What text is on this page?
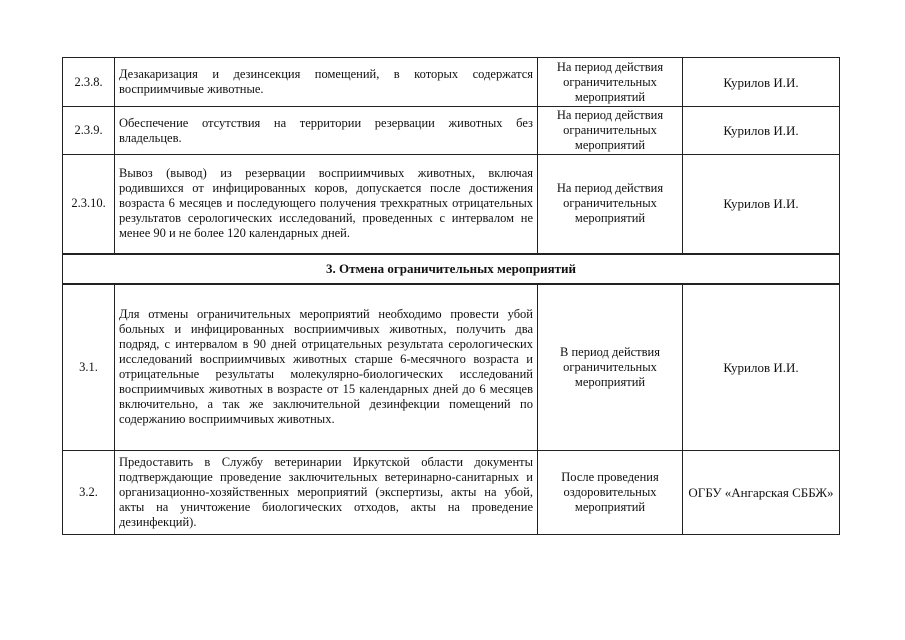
2.3.8.	Дезакаризация и дезинсекция помещений, в которых содержатся восприимчивые животные.	На период действия ограничительных мероприятий	Курилов И.И.
2.3.9.	Обеспечение отсутствия на территории резервации животных без владельцев.	На период действия ограничительных мероприятий	Курилов И.И.
2.3.10.	Вывоз (вывод) из резервации восприимчивых животных, включая родившихся от инфицированных коров, допускается после достижения возраста 6 месяцев и последующего получения трехкратных отрицательных результатов серологических исследований, проведенных с интервалом не менее 90 и не более 120 календарных дней.	На период действия ограничительных мероприятий	Курилов И.И.
3. Отмена ограничительных мероприятий			
3.1.	Для отмены ограничительных мероприятий необходимо провести убой больных и инфицированных восприимчивых животных, получить два подряд, с интервалом в 90 дней отрицательных результата серологических исследований восприимчивых животных старше 6-месячного возраста и отрицательные результаты молекулярно-биологических исследований восприимчивых животных в возрасте от 15 календарных дней до 6 месяцев включительно, а так же заключительной дезинфекции помещений по содержанию восприимчивых животных.	В период действия ограничительных мероприятий	Курилов И.И.
3.2.	Предоставить в Службу ветеринарии Иркутской области документы подтверждающие проведение заключительных ветеринарно-санитарных и организационно-хозяйственных мероприятий (экспертизы, акты на убой, акты на уничтожение биологических отходов, акты на проведение дезинфекций).	После проведения оздоровительных мероприятий	ОГБУ «Ангарская СББЖ»
